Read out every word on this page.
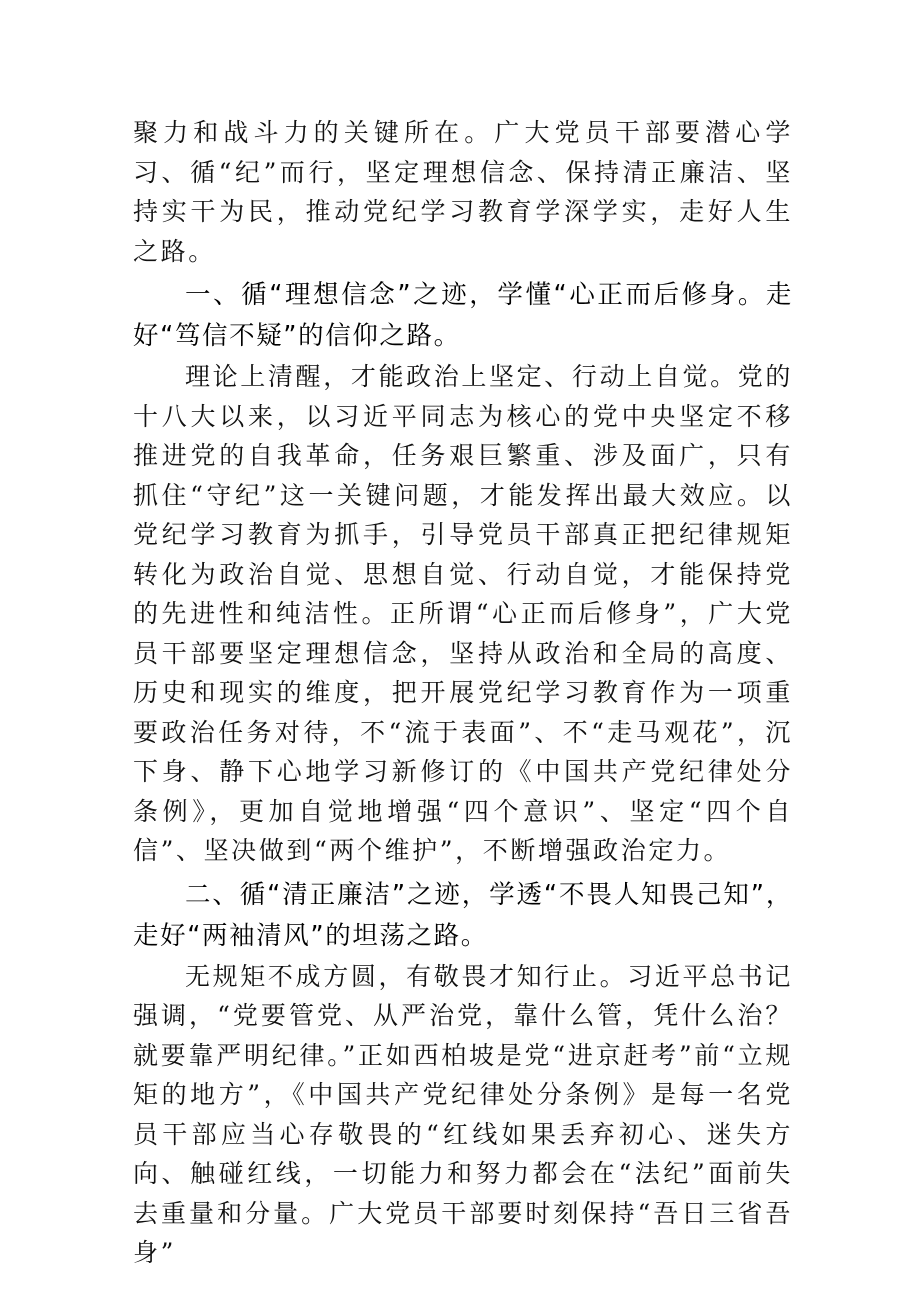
聚力和战斗力的关键所在。广大党员干部要潜心学习、循“纪”而行，坚定理想信念、保持清正廉洁、坚持实干为民，推动党纪学习教育学深学实，走好人生之路。

一、循“理想信念”之迹，学懂“心正而后修身。走好“笃信不疑”的信仰之路。

理论上清醒，才能政治上坚定、行动上自觉。党的十八大以来，以习近平同志为核心的党中央坚定不移推进党的自我革命，任务艰巨繁重、涉及面广，只有抓住“守纪”这一关键问题，才能发挥出最大效应。以党纪学习教育为抓手，引导党员干部真正把纪律规矩转化为政治自觉、思想自觉、行动自觉，才能保持党的先进性和纯洁性。正所谓“心正而后修身”，广大党员干部要坚定理想信念，坚持从政治和全局的高度、历史和现实的维度，把开展党纪学习教育作为一项重要政治任务对待，不“流于表面”、不“走马观花”，沉下身、静下心地学习新修订的《中国共产党纪律处分条例》，更加自觉地增强“四个意识”、坚定“四个自信”、坚决做到“两个维护”，不断增强政治定力。

二、循“清正廉洁”之迹，学透“不畏人知畏己知”，走好“两袖清风”的坦荡之路。

无规矩不成方圆，有敬畏才知行止。习近平总书记强调，“党要管党、从严治党，靠什么管，凭什么治？就要靠严明纪律。”正如西柏坡是党“进京赶考”前“立规矩的地方”，《中国共产党纪律处分条例》是每一名党员干部应当心存敬畏的“红线如果丢弃初心、迷失方向、触碰红线，一切能力和努力都会在“法纪”面前失去重量和分量。广大党员干部要时刻保持“吾日三省吾身”
